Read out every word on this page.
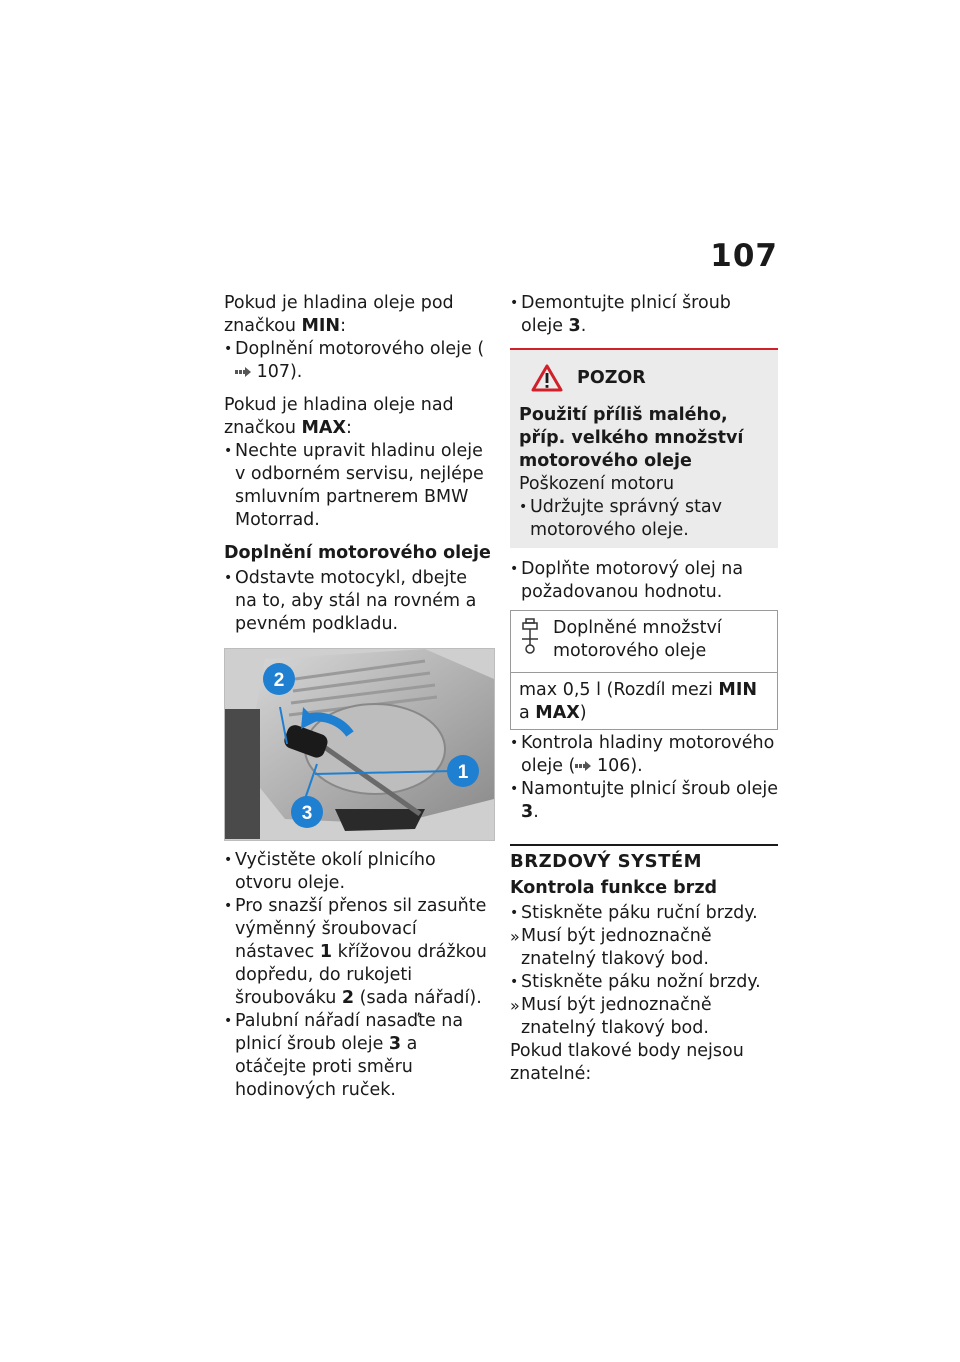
107

Pokud je hladina oleje pod značkou MIN:

• Doplnění motorového oleje ( 107).

Pokud je hladina oleje nad značkou MAX:

• Nechte upravit hladinu oleje v odborném servisu, nejlépe smluvním partnerem BMW Motorrad.

Doplnění motorového oleje

• Odstavte motocykl, dbejte na to, aby stál na rovném a pevném podkladu.

2
1
3

• Vyčistěte okolí plnicího otvoru oleje.

• Pro snazší přenos sil zasuňte výměnný šroubovací nástavec 1 křížovou drážkou dopředu, do rukojeti šroubováku 2 (sada nářadí).

• Palubní nářadí nasaďte na plnicí šroub oleje 3 a otáčejte proti směru hodinových ruček.

• Demontujte plnicí šroub oleje 3.

POZOR

Použití příliš malého, příp. velkého množství motorového oleje

Poškození motoru

• Udržujte správný stav motorového oleje.

• Doplňte motorový olej na požadovanou hodnotu.

Doplněné množství motorového oleje

max 0,5 l (Rozdíl mezi MIN
a MAX)

• Kontrola hladiny motorového oleje ( 106).

• Namontujte plnicí šroub oleje 3.

BRZDOVÝ SYSTÉM

Kontrola funkce brzd

• Stiskněte páku ruční brzdy.

» Musí být jednoznačně znatelný tlakový bod.

• Stiskněte páku nožní brzdy.

» Musí být jednoznačně znatelný tlakový bod.

Pokud tlakové body nejsou znatelné:
